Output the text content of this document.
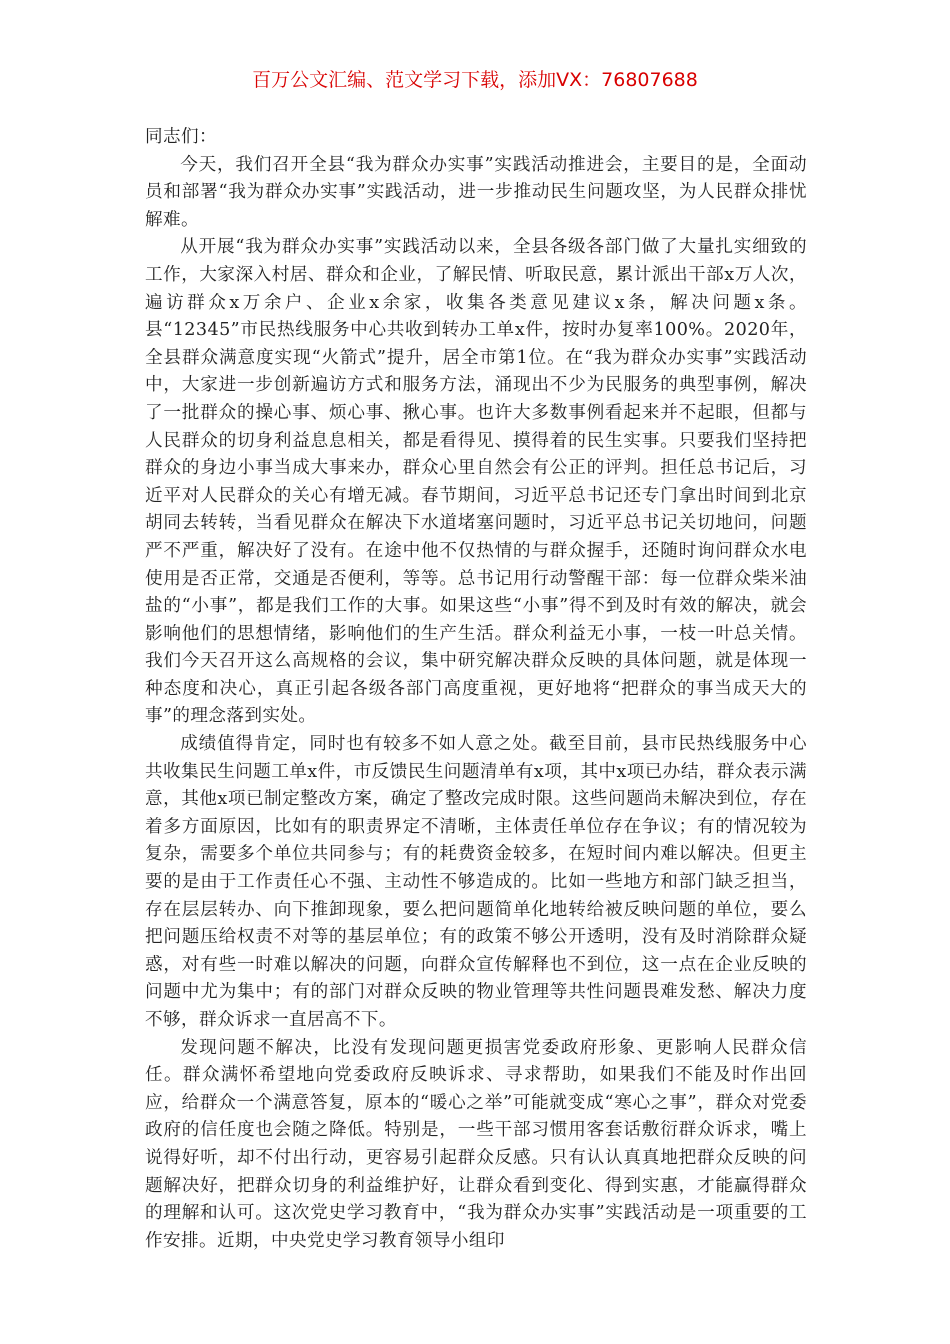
百万公文汇编、范文学习下载，添加VX：76807688

同志们：

今天，我们召开全县“我为群众办实事”实践活动推进会，主要目的是，全面动员和部署“我为群众办实事”实践活动，进一步推动民生问题攻坚，为人民群众排忧解难。

从开展“我为群众办实事”实践活动以来，全县各级各部门做了大量扎实细致的工作，大家深入村居、群众和企业，了解民情、听取民意，累计派出干部x万人次，遍访群众x万余户、企业x余家，收集各类意见建议x条，解决问题x条。县“12345”市民热线服务中心共收到转办工单x件，按时办复率100%。2020年，全县群众满意度实现“火箭式”提升，居全市第1位。在“我为群众办实事”实践活动中，大家进一步创新遍访方式和服务方法，涌现出不少为民服务的典型事例，解决了一批群众的操心事、烦心事、揪心事。也许大多数事例看起来并不起眼，但都与人民群众的切身利益息息相关，都是看得见、摸得着的民生实事。只要我们坚持把群众的身边小事当成大事来办，群众心里自然会有公正的评判。担任总书记后，习近平对人民群众的关心有增无减。春节期间，习近平总书记还专门拿出时间到北京胡同去转转，当看见群众在解决下水道堵塞问题时，习近平总书记关切地问，问题严不严重，解决好了没有。在途中他不仅热情的与群众握手，还随时询问群众水电使用是否正常，交通是否便利，等等。总书记用行动警醒干部：每一位群众柴米油盐的“小事”，都是我们工作的大事。如果这些“小事”得不到及时有效的解决，就会影响他们的思想情绪，影响他们的生产生活。群众利益无小事，一枝一叶总关情。我们今天召开这么高规格的会议，集中研究解决群众反映的具体问题，就是体现一种态度和决心，真正引起各级各部门高度重视，更好地将“把群众的事当成天大的事”的理念落到实处。

成绩值得肯定，同时也有较多不如人意之处。截至目前，县市民热线服务中心共收集民生问题工单x件，市反馈民生问题清单有x项，其中x项已办结，群众表示满意，其他x项已制定整改方案，确定了整改完成时限。这些问题尚未解决到位，存在着多方面原因，比如有的职责界定不清晰，主体责任单位存在争议；有的情况较为复杂，需要多个单位共同参与；有的耗费资金较多，在短时间内难以解决。但更主要的是由于工作责任心不强、主动性不够造成的。比如一些地方和部门缺乏担当，存在层层转办、向下推卸现象，要么把问题简单化地转给被反映问题的单位，要么把问题压给权责不对等的基层单位；有的政策不够公开透明，没有及时消除群众疑惑，对有些一时难以解决的问题，向群众宣传解释也不到位，这一点在企业反映的问题中尤为集中；有的部门对群众反映的物业管理等共性问题畏难发愁、解决力度不够，群众诉求一直居高不下。

发现问题不解决，比没有发现问题更损害党委政府形象、更影响人民群众信任。群众满怀希望地向党委政府反映诉求、寻求帮助，如果我们不能及时作出回应，给群众一个满意答复，原本的“暖心之举”可能就变成“寒心之事”，群众对党委政府的信任度也会随之降低。特别是，一些干部习惯用客套话敷衍群众诉求，嘴上说得好听，却不付出行动，更容易引起群众反感。只有认认真真地把群众反映的问题解决好，把群众切身的利益维护好，让群众看到变化、得到实惠，才能赢得群众的理解和认可。这次党史学习教育中，“我为群众办实事”实践活动是一项重要的工作安排。近期，中央党史学习教育领导小组印
